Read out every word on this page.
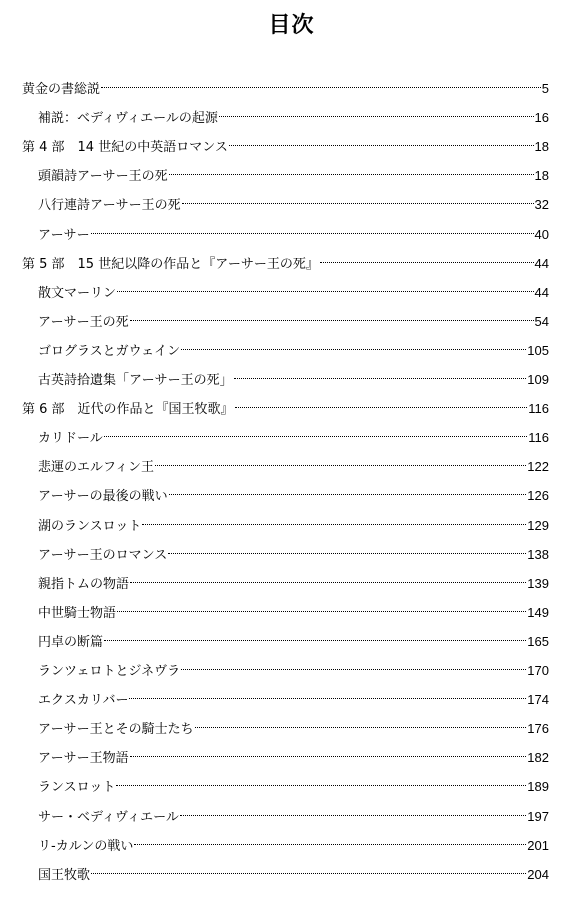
目次
黄金の書総説	5
補説：ベディヴィエールの起源	16
第 4 部　14 世紀の中英語ロマンス	18
頭韻詩アーサー王の死	18
八行連詩アーサー王の死	32
アーサー	40
第 5 部　15 世紀以降の作品と『アーサー王の死』	44
散文マーリン	44
アーサー王の死	54
ゴログラスとガウェイン	105
古英詩拾遺集「アーサー王の死」	109
第 6 部　近代の作品と『国王牧歌』	116
カリドール	116
悲運のエルフィン王	122
アーサーの最後の戦い	126
湖のランスロット	129
アーサー王のロマンス	138
親指トムの物語	139
中世騎士物語	149
円卓の断篇	165
ランツェロトとジネヴラ	170
エクスカリバー	174
アーサー王とその騎士たち	176
アーサー王物語	182
ランスロット	189
サー・ベディヴィエール	197
リ-カルンの戦い	201
国王牧歌	204
